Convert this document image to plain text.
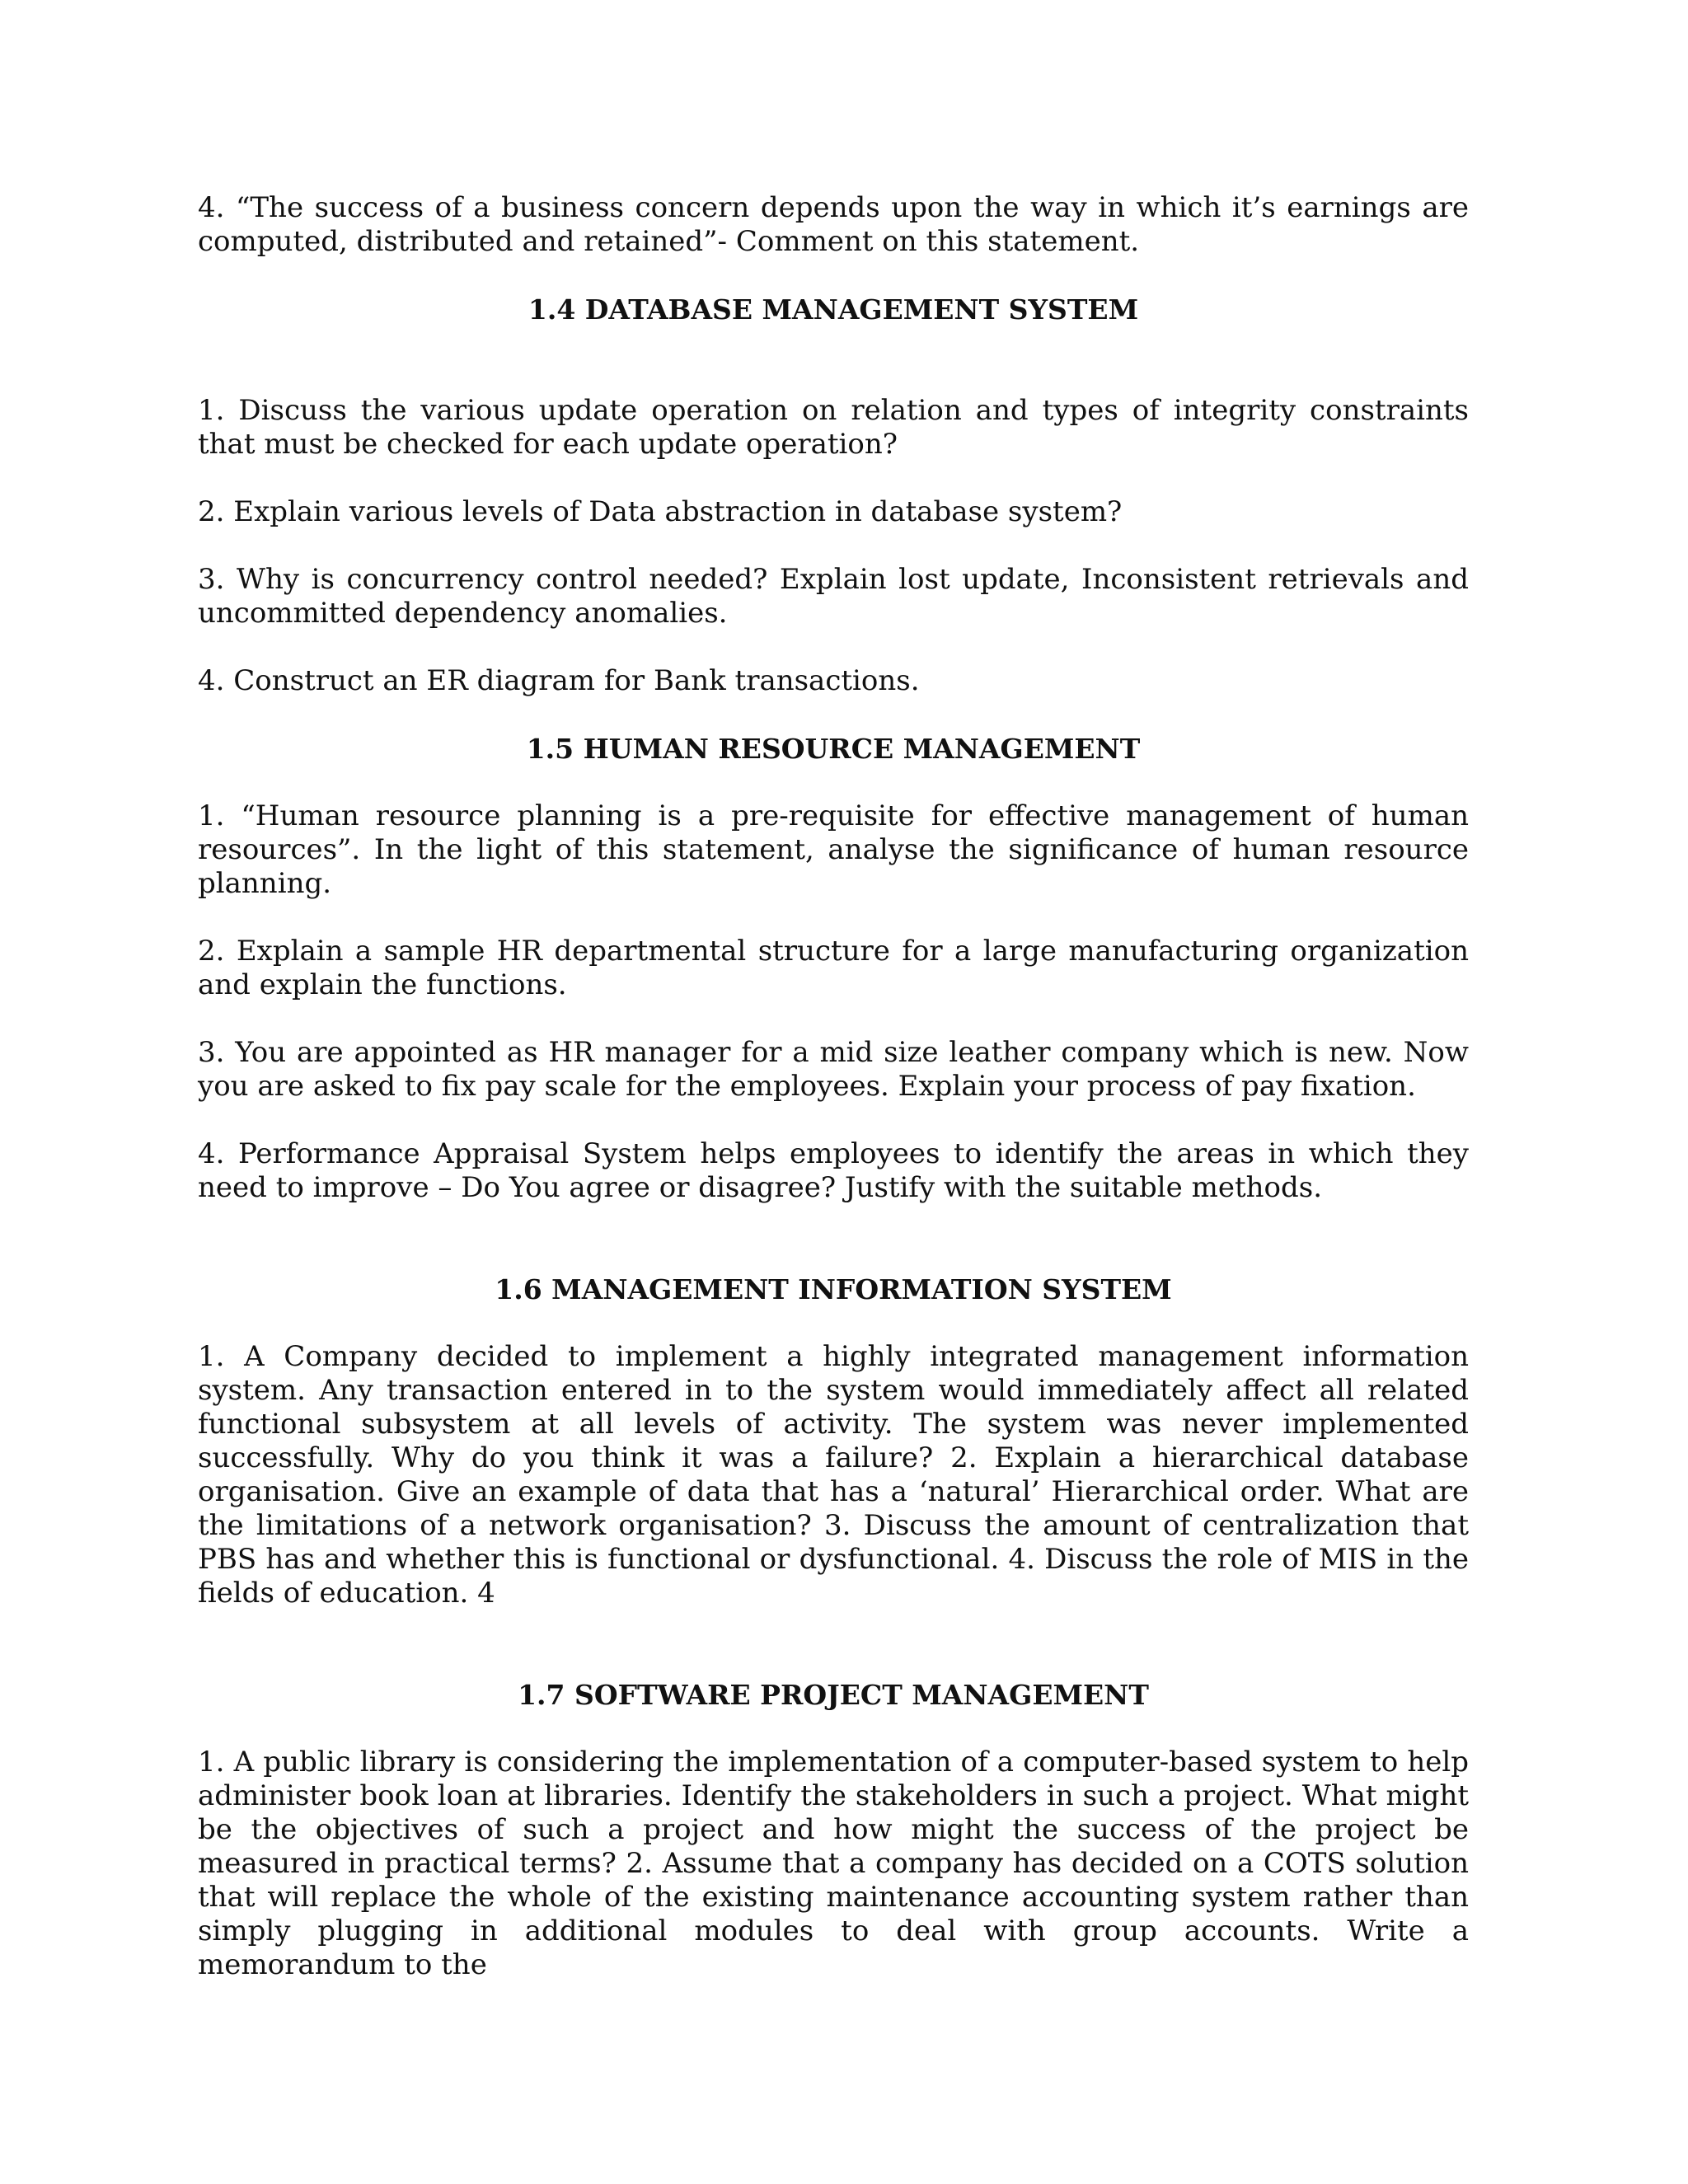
4. “The success of a business concern depends upon the way in which it’s earnings are computed, distributed and retained”- Comment on this statement.

1.4 DATABASE MANAGEMENT SYSTEM

1. Discuss the various update operation on relation and types of integrity constraints that must be checked for each update operation?

2. Explain various levels of Data abstraction in database system?

3. Why is concurrency control needed? Explain lost update, Inconsistent retrievals and uncommitted dependency anomalies.

4. Construct an ER diagram for Bank transactions.

1.5 HUMAN RESOURCE MANAGEMENT

1. “Human resource planning is a pre-requisite for effective management of human resources”. In the light of this statement, analyse the significance of human resource planning.

2. Explain a sample HR departmental structure for a large manufacturing organization and explain the functions.

3. You are appointed as HR manager for a mid size leather company which is new. Now you are asked to fix pay scale for the employees. Explain your process of pay fixation.

4. Performance Appraisal System helps employees to identify the areas in which they need to improve – Do You agree or disagree? Justify with the suitable methods.

1.6 MANAGEMENT INFORMATION SYSTEM

1. A Company decided to implement a highly integrated management information system. Any transaction entered in to the system would immediately affect all related functional subsystem at all levels of activity. The system was never implemented successfully. Why do you think it was a failure? 2. Explain a hierarchical database organisation. Give an example of data that has a ‘natural’ Hierarchical order. What are the limitations of a network organisation? 3. Discuss the amount of centralization that PBS has and whether this is functional or dysfunctional. 4. Discuss the role of MIS in the fields of education. 4

1.7 SOFTWARE PROJECT MANAGEMENT

1. A public library is considering the implementation of a computer-based system to help administer book loan at libraries. Identify the stakeholders in such a project. What might be the objectives of such a project and how might the success of the project be measured in practical terms? 2. Assume that a company has decided on a COTS solution that will replace the whole of the existing maintenance accounting system rather than simply plugging in additional modules to deal with group accounts. Write a memorandum to the
